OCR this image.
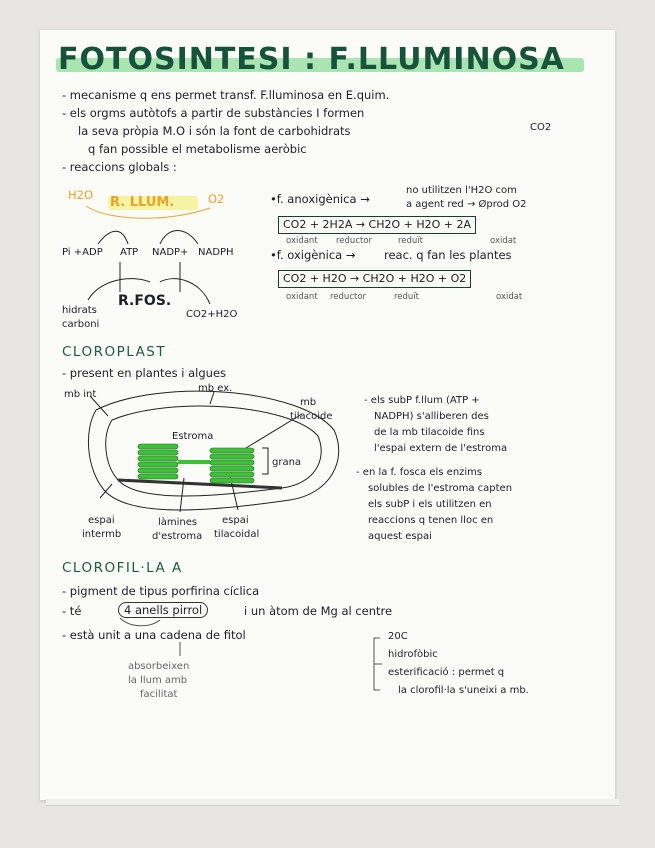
FOTOSINTESI : F.LLUMINOSA
- mecanisme q ens permet transf. F.lluminosa en E.quim.
- els orgms autòtofs a partir de substàncies I formen
la seva pròpia M.O i són la font de carbohidrats	CO2
q fan possible el metabolisme aeròbic
- reaccions globals :
H2O R. LLUM.	O2
Pi +ADP ATP NADP+ NADPH
R.FOS.
hidrats
carboni
CO2+H2O
•f. anoxigènica →
no utilitzen l'H2O com
a agent red → Øprod O2
CO2 + 2H2A → CH2O + H2O + 2A
oxidant reductor	reduït	oxidat
•f. oxigènica → reac. q fan les plantes
CO2 + H2O → CH2O + H2O + O2
oxidant reductor	reduït	oxidat
CLOROPLAST
- present en plantes i algues
mb int
mb ex.
mb
tilacoide
Estroma
grana
espai
intermb
làmines
d'estroma
espai
tilacoidal
- els subP f.llum (ATP +
NADPH) s'alliberen des
de la mb tilacoide fins
l'espai extern de l'estroma
- en la f. fosca els enzims
solubles de l'estroma capten
els subP i els utilitzen en
reaccions q tenen lloc en
aquest espai
CLOROFIL·LA A
- pigment de tipus porfirina cíclica
- té	4 anells pirrol	i un àtom de Mg al centre
- està unit a una cadena de fitol
absorbeixen
la llum amb
facilitat
20C
hidrofòbic
esterificació : permet q
la clorofil·la s'uneixi a mb.
